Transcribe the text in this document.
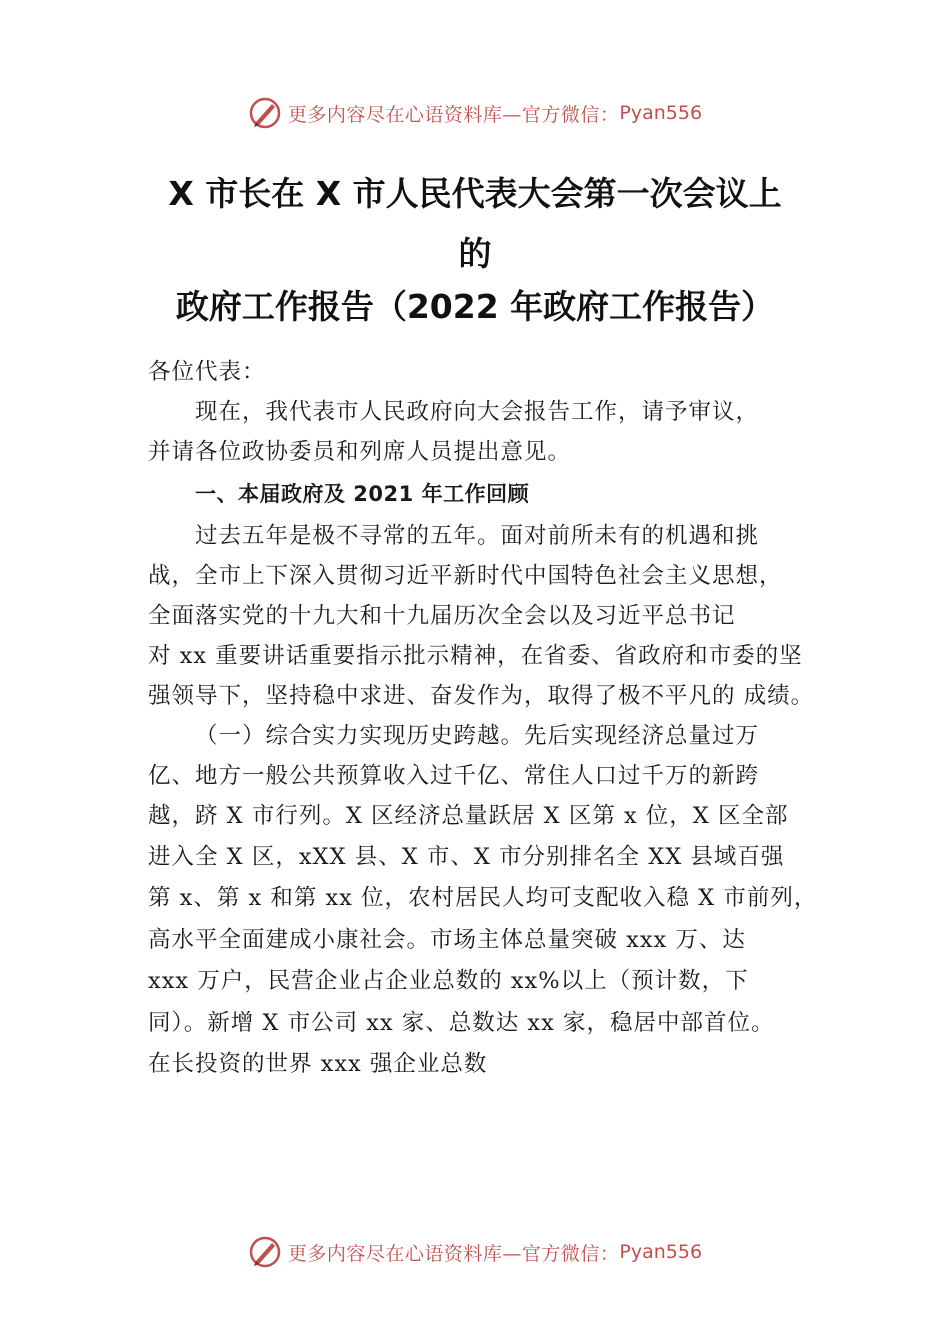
更多内容尽在心语资料库—官方微信： Pyan556
X 市长在 X 市人民代表大会第一次会议上
的
政府工作报告（2022 年政府工作报告）
各位代表：
现在，我代表市人民政府向大会报告工作，请予审议，
并请各位政协委员和列席人员提出意见。
一、本届政府及 2021 年工作回顾
过去五年是极不寻常的五年。面对前所未有的机遇和挑
战，全市上下深入贯彻习近平新时代中国特色社会主义思想，
全面落实党的十九大和十九届历次全会以及习近平总书记
对 xx 重要讲话重要指示批示精神，在省委、省政府和市委的坚
强领导下，坚持稳中求进、奋发作为，取得了极不平凡的 成绩。
（一）综合实力实现历史跨越。先后实现经济总量过万
亿、地方一般公共预算收入过千亿、常住人口过千万的新跨
越，跻 X 市行列。X 区经济总量跃居 X 区第 x 位，X 区全部
进入全 X 区，xXX 县、X 市、X 市分别排名全 XX 县域百强
第 x、第 x 和第 xx 位，农村居民人均可支配收入稳 X 市前列，
高水平全面建成小康社会。市场主体总量突破 xxx 万、达
xxx 万户，民营企业占企业总数的 xx%以上（预计数，下
同）。新增 X 市公司 xx 家、总数达 xx 家，稳居中部首位。
在长投资的世界 xxx 强企业总数
更多内容尽在心语资料库—官方微信： Pyan556
